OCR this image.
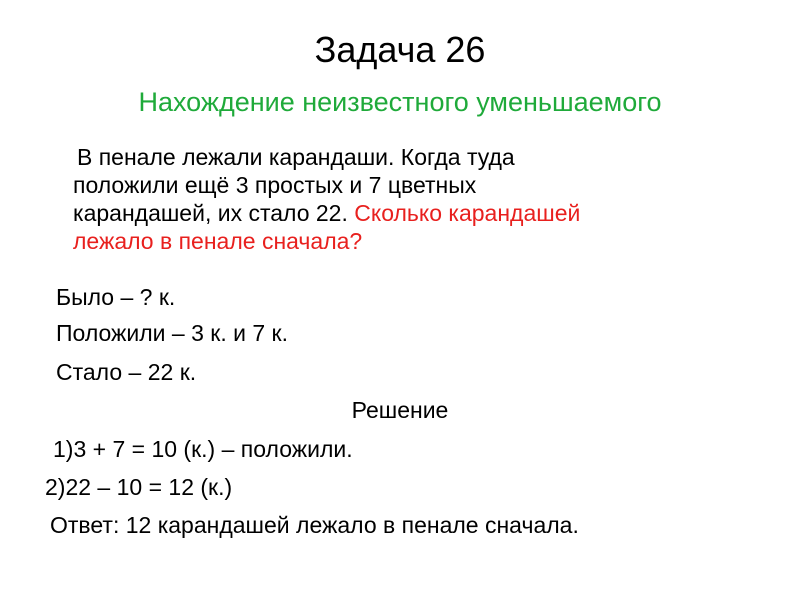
Задача 26
Нахождение неизвестного уменьшаемого
В пенале лежали карандаши. Когда туда
положили ещё 3 простых и 7 цветных
карандашей, их стало 22. Сколько карандашей
лежало в пенале сначала?
Было – ? к.
Положили – 3 к. и 7 к.
Стало – 22 к.
Решение
1)3 + 7 = 10 (к.) – положили.
2)22 – 10 = 12 (к.)
Ответ: 12 карандашей лежало в пенале сначала.
